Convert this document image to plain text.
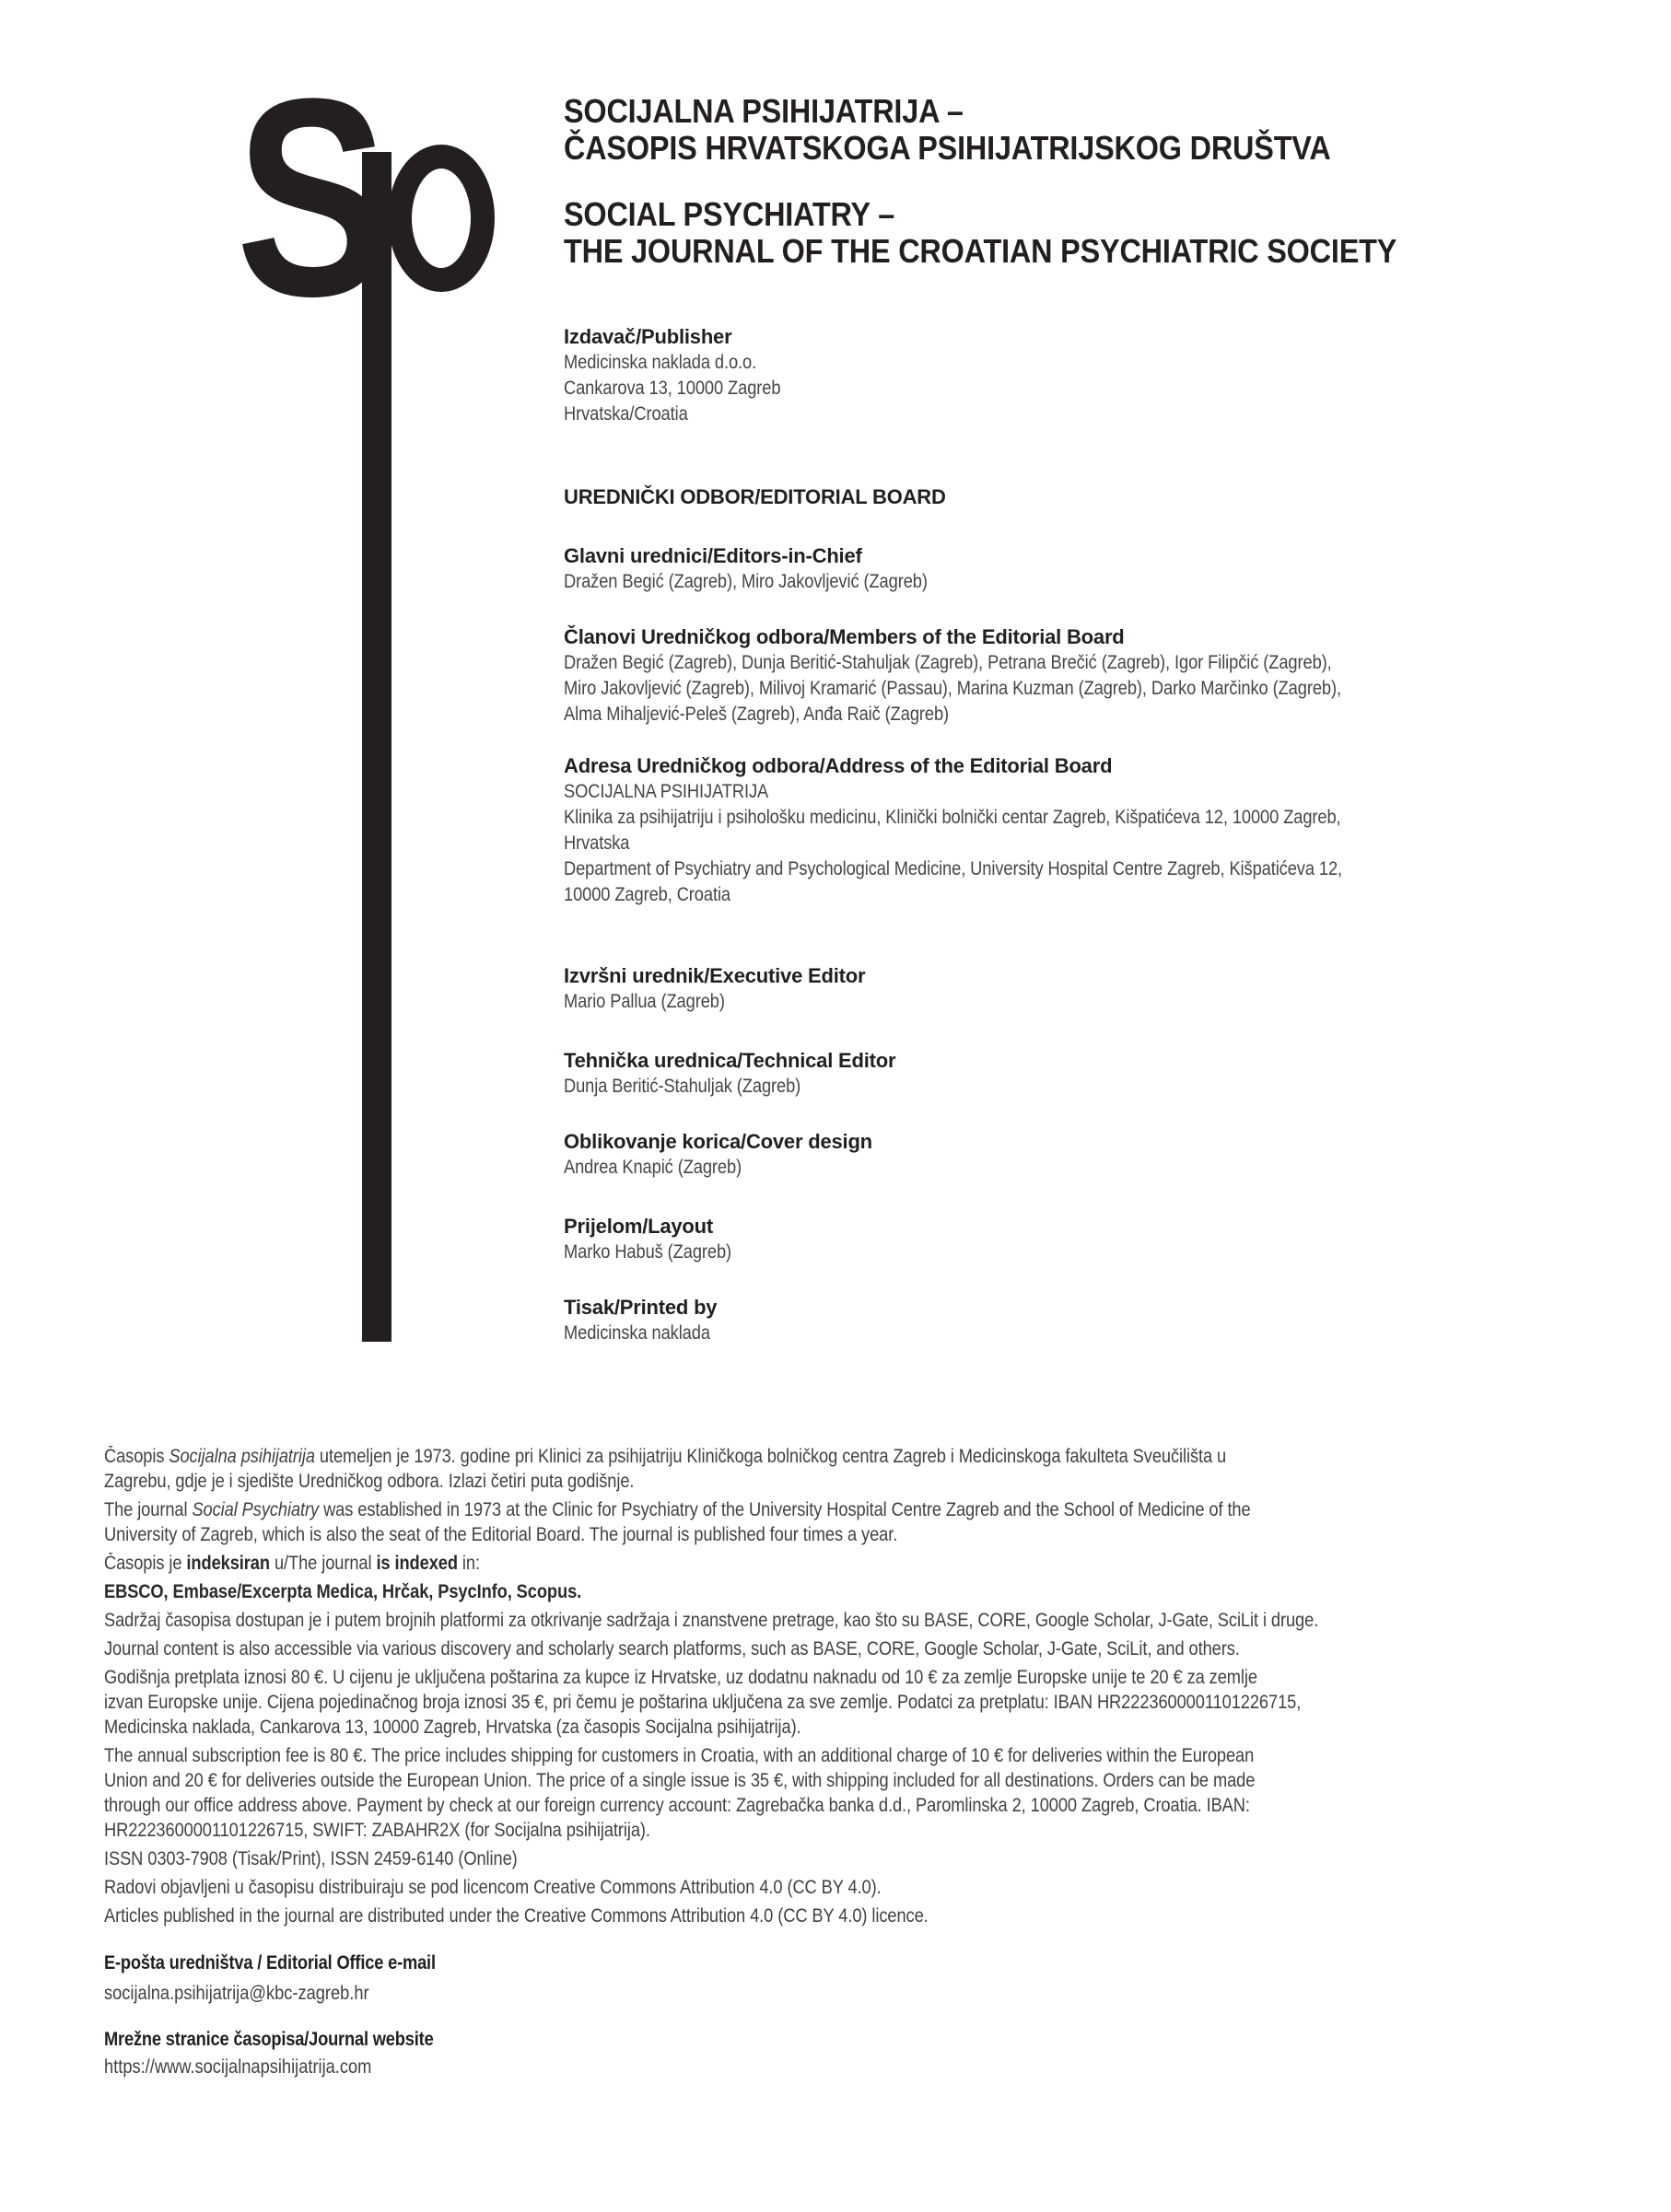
S	SOCIJALNA PSIHIJATRIJA –
ČASOPIS HRVATSKOGA PSIHIJATRIJSKOG DRUŠTVA
SOCIAL PSYCHIATRY –
THE JOURNAL OF THE CROATIAN PSYCHIATRIC SOCIETY
Izdavač/Publisher
Medicinska naklada d.o.o.
Cankarova 13, 10000 Zagreb
Hrvatska/Croatia
UREDNIČKI ODBOR/EDITORIAL BOARD
Glavni urednici/Editors-in-Chief
Dražen Begić (Zagreb), Miro Jakovljević (Zagreb)
Članovi Uredničkog odbora/Members of the Editorial Board
Dražen Begić (Zagreb), Dunja Beritić-Stahuljak (Zagreb), Petrana Brečić (Zagreb), Igor Filipčić (Zagreb),
Miro Jakovljević (Zagreb), Milivoj Kramarić (Passau), Marina Kuzman (Zagreb), Darko Marčinko (Zagreb),
Alma Mihaljević-Peleš (Zagreb), Anđa Raič (Zagreb)
Adresa Uredničkog odbora/Address of the Editorial Board
SOCIJALNA PSIHIJATRIJA
Klinika za psihijatriju i psihološku medicinu, Klinički bolnički centar Zagreb, Kišpatićeva 12, 10000 Zagreb,
Hrvatska
Department of Psychiatry and Psychological Medicine, University Hospital Centre Zagreb, Kišpatićeva 12,
10000 Zagreb, Croatia
Izvršni urednik/Executive Editor
Mario Pallua (Zagreb)
Tehnička urednica/Technical Editor
Dunja Beritić-Stahuljak (Zagreb)
Oblikovanje korica/Cover design
Andrea Knapić (Zagreb)
Prijelom/Layout
Marko Habuš (Zagreb)
Tisak/Printed by
Medicinska naklada

Časopis Socijalna psihijatrija utemeljen je 1973. godine pri Klinici za psihijatriju Kliničkoga bolničkog centra Zagreb i Medicinskoga fakulteta Sveučilišta u
Zagrebu, gdje je i sjedište Uredničkog odbora. Izlazi četiri puta godišnje.

The journal Social Psychiatry was established in 1973 at the Clinic for Psychiatry of the University Hospital Centre Zagreb and the School of Medicine of the
University of Zagreb, which is also the seat of the Editorial Board. The journal is published four times a year.

Časopis je indeksiran u/The journal is indexed in:

EBSCO, Embase/Excerpta Medica, Hrčak, PsycInfo, Scopus.

Sadržaj časopisa dostupan je i putem brojnih platformi za otkrivanje sadržaja i znanstvene pretrage, kao što su BASE, CORE, Google Scholar, J-Gate, SciLit i druge.

Journal content is also accessible via various discovery and scholarly search platforms, such as BASE, CORE, Google Scholar, J-Gate, SciLit, and others.

Godišnja pretplata iznosi 80 €. U cijenu je uključena poštarina za kupce iz Hrvatske, uz dodatnu naknadu od 10 € za zemlje Europske unije te 20 € za zemlje
izvan Europske unije. Cijena pojedinačnog broja iznosi 35 €, pri čemu je poštarina uključena za sve zemlje. Podatci za pretplatu: IBAN HR2223600001101226715,
Medicinska naklada, Cankarova 13, 10000 Zagreb, Hrvatska (za časopis Socijalna psihijatrija).

The annual subscription fee is 80 €. The price includes shipping for customers in Croatia, with an additional charge of 10 € for deliveries within the European
Union and 20 € for deliveries outside the European Union. The price of a single issue is 35 €, with shipping included for all destinations. Orders can be made
through our office address above. Payment by check at our foreign currency account: Zagrebačka banka d.d., Paromlinska 2, 10000 Zagreb, Croatia. IBAN:
HR2223600001101226715, SWIFT: ZABAHR2X (for Socijalna psihijatrija).

ISSN 0303-7908 (Tisak/Print), ISSN 2459-6140 (Online)

Radovi objavljeni u časopisu distribuiraju se pod licencom Creative Commons Attribution 4.0 (CC BY 4.0).

Articles published in the journal are distributed under the Creative Commons Attribution 4.0 (CC BY 4.0) licence.

E-pošta uredništva / Editorial Office e-mail
socijalna.psihijatrija@kbc-zagreb.hr
Mrežne stranice časopisa/Journal website
https://www.socijalnapsihijatrija.com
